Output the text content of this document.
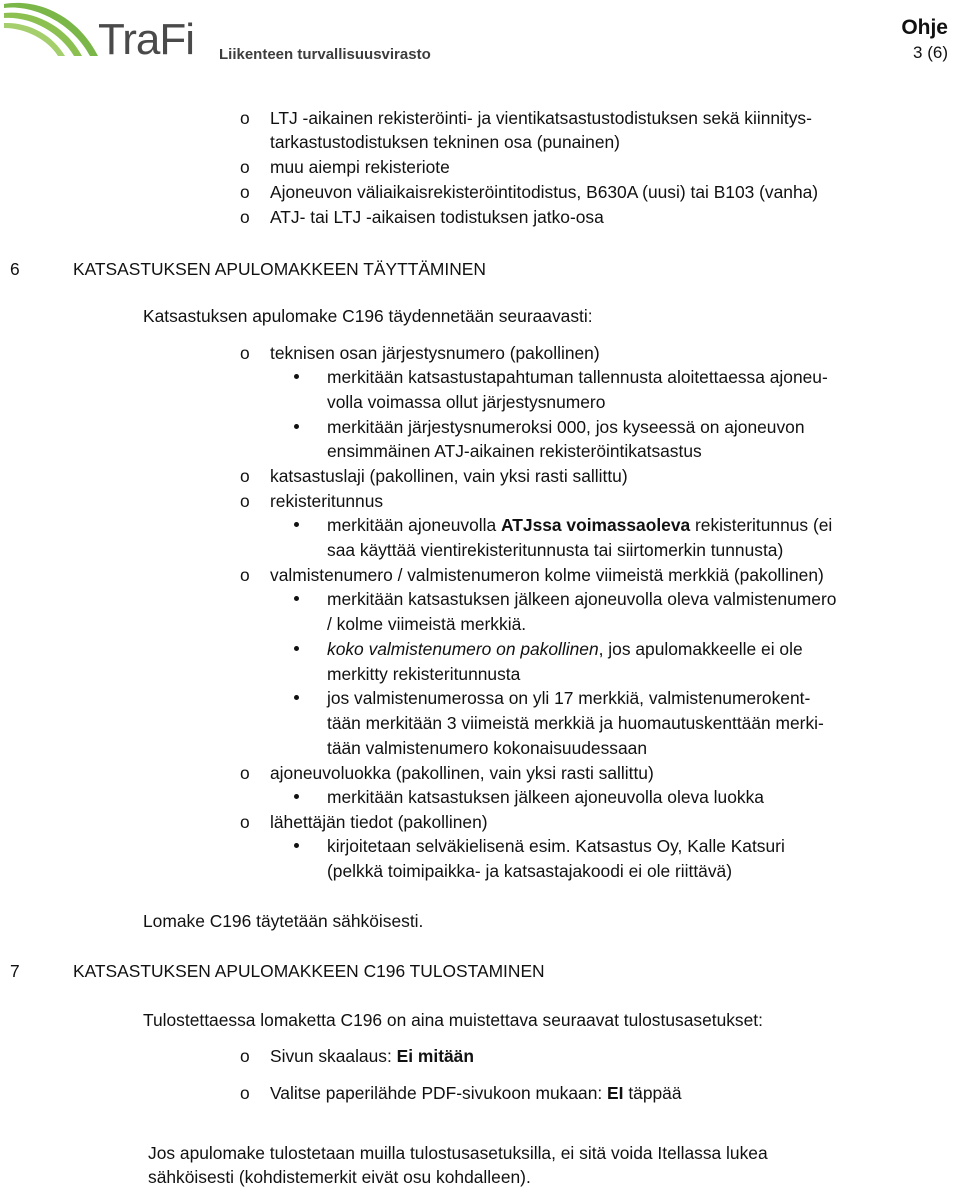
TraFi Liikenteen turvallisuusvirasto
Ohje
3 (6)
o LTJ -aikainen rekisteröinti- ja vientikatsastustodistuksen sekä kiinnitys-
tarkastustodistuksen tekninen osa (punainen)
o muu aiempi rekisteriote
o Ajoneuvon väliaikaisrekisteröintitodistus, B630A (uusi) tai B103 (vanha)
o ATJ- tai LTJ -aikaisen todistuksen jatko-osa
6	KATSASTUKSEN APULOMAKKEEN TÄYTTÄMINEN
Katsastuksen apulomake C196 täydennetään seuraavasti:
o teknisen osan järjestysnumero (pakollinen)
merkitään katsastustapahtuman tallennusta aloitettaessa ajoneu-
volla voimassa ollut järjestysnumero
merkitään järjestysnumeroksi 000, jos kyseessä on ajoneuvon
ensimmäinen ATJ-aikainen rekisteröintikatsastus
o katsastuslaji (pakollinen, vain yksi rasti sallittu)
o rekisteritunnus
merkitään ajoneuvolla ATJssa voimassaoleva rekisteritunnus (ei
saa käyttää vientirekisteritunnusta tai siirtomerkin tunnusta)
o valmistenumero / valmistenumeron kolme viimeistä merkkiä (pakollinen)
merkitään katsastuksen jälkeen ajoneuvolla oleva valmistenumero
/ kolme viimeistä merkkiä.
koko valmistenumero on pakollinen, jos apulomakkeelle ei ole
merkitty rekisteritunnusta
jos valmistenumerossa on yli 17 merkkiä, valmistenumerokent-
tään merkitään 3 viimeistä merkkiä ja huomautuskenttään merki-
tään valmistenumero kokonaisuudessaan
o ajoneuvoluokka (pakollinen, vain yksi rasti sallittu)
merkitään katsastuksen jälkeen ajoneuvolla oleva luokka
o lähettäjän tiedot (pakollinen)
kirjoitetaan selväkielisenä esim. Katsastus Oy, Kalle Katsuri
(pelkkä toimipaikka- ja katsastajakoodi ei ole riittävä)
Lomake C196 täytetään sähköisesti.
7	KATSASTUKSEN APULOMAKKEEN C196 TULOSTAMINEN
Tulostettaessa lomaketta C196 on aina muistettava seuraavat tulostusasetukset:
o Sivun skaalaus: Ei mitään
o Valitse paperilähde PDF-sivukoon mukaan: EI täppää
Jos apulomake tulostetaan muilla tulostusasetuksilla, ei sitä voida Itellassa lukea
sähköisesti (kohdistemerkit eivät osu kohdalleen).
